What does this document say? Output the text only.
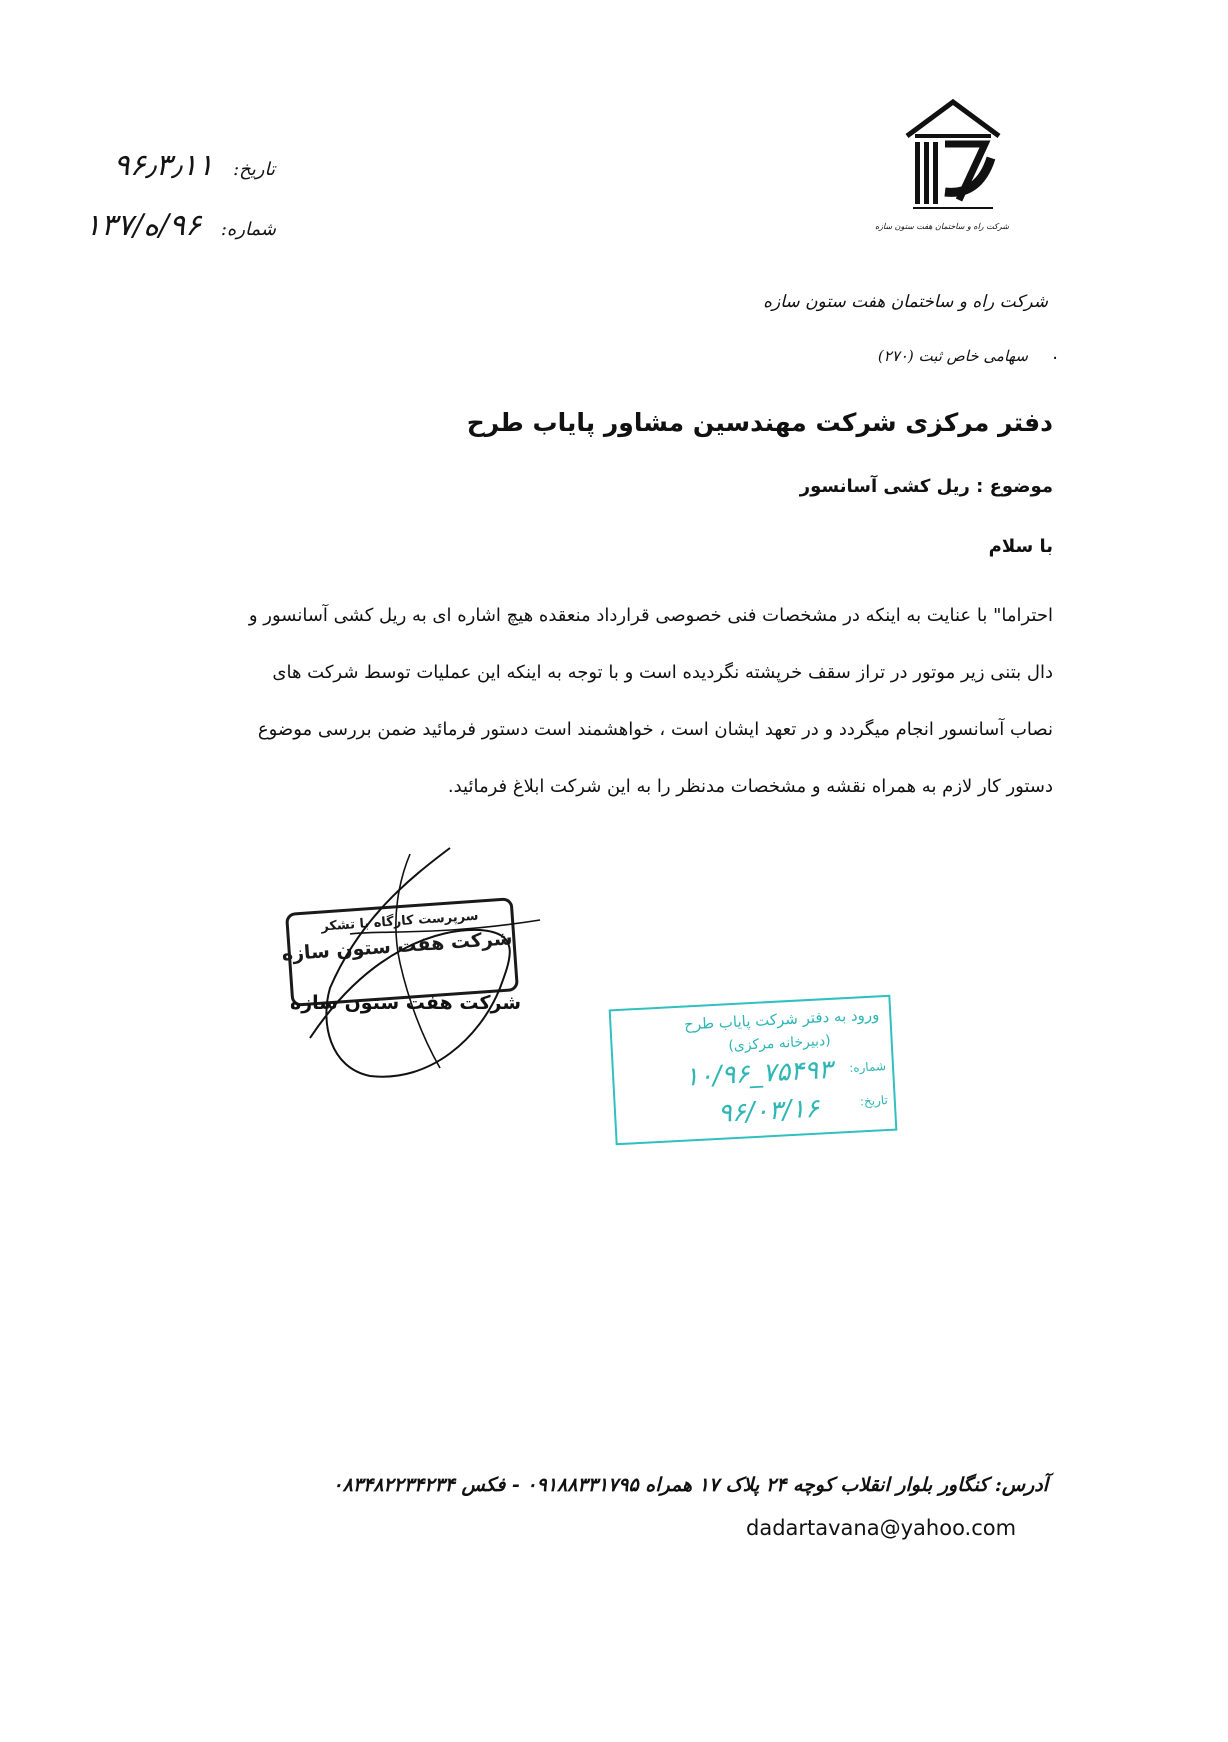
شرکت راه و ساختمان هفت ستون سازه
تاریخ: ۹۶٫۳٫۱۱
شماره: ۹۶/ه/۱۳۷
شرکت راه و ساختمان هفت ستون سازه
سهامی خاص ثبت (۲۷۰) .
دفتر مرکزی شرکت مهندسین مشاور پایاب طرح
موضوع : ریل کشی آسانسور
با سلام
احتراما" با عنایت به اینکه در مشخصات فنی خصوصی قرارداد منعقده هیچ اشاره ای به ریل کشی آسانسور و
دال بتنی زیر موتور در تراز سقف خرپشته نگردیده است و با توجه به اینکه این عملیات توسط شرکت های
نصاب آسانسور انجام میگردد و در تعهد ایشان است ، خواهشمند است دستور فرمائید ضمن بررسی موضوع
دستور کار لازم به همراه نقشه و مشخصات مدنظر را به این شرکت ابلاغ فرمائید.
سرپرست کارگاه با تشکر
شرکت هفت ستون سازه
شرکت هفت ستون سازه
ورود به دفتر شرکت پایاب طرح
(دبیرخانه مرکزی)
شماره:
۱۰/۹۶_۷۵۴۹۳
تاریخ:
۹۶/۰۳/۱۶
آدرس: کنگاور بلوار انقلاب کوچه ۲۴ پلاک ۱۷ همراه ۰۹۱۸۸۳۳۱۷۹۵ - فکس ۰۸۳۴۸۲۲۳۴۲۳۴
dadartavana@yahoo.com
